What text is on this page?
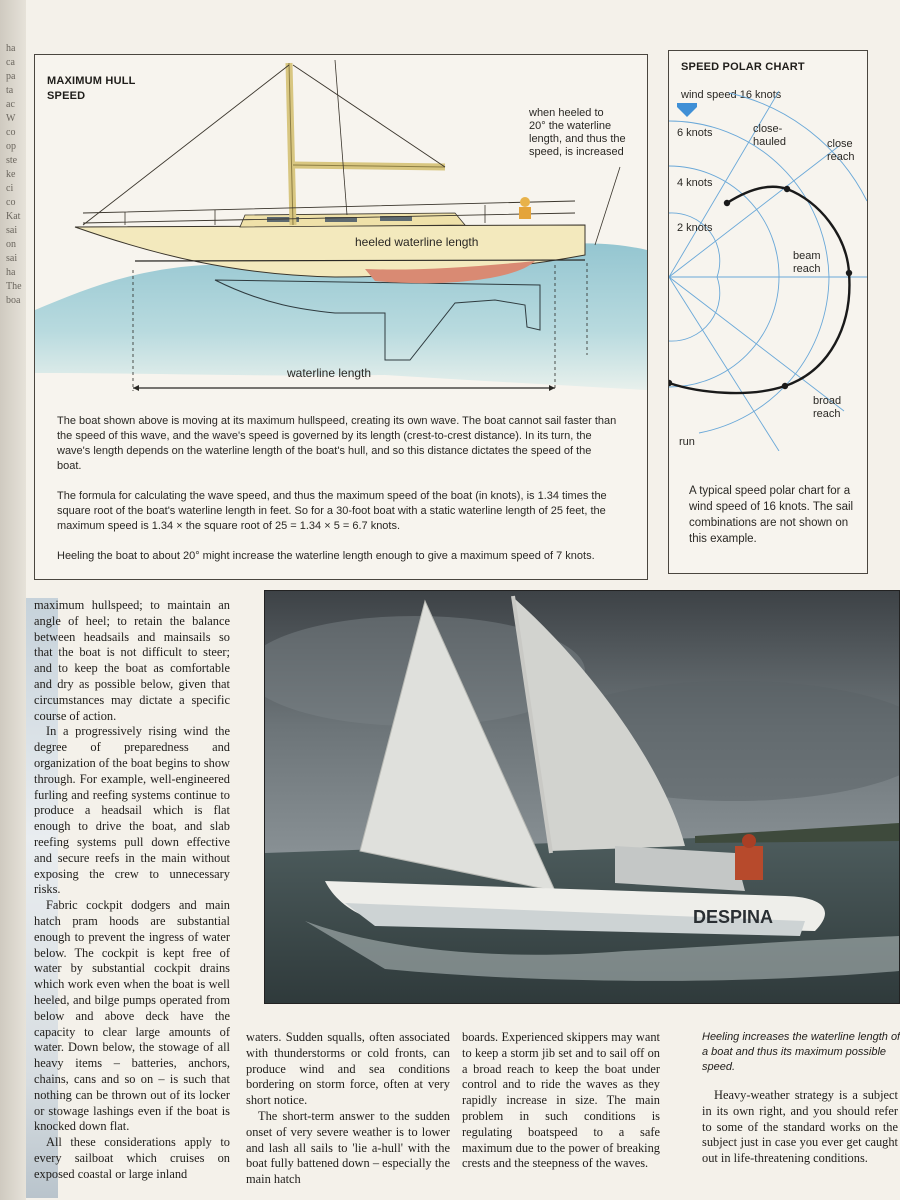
ha
ca
pa
ta
ac
W
co
op
ste
ke
ci
co
Kat
sai
on
sai
ha
The
boa
MAXIMUM HULL
SPEED
when heeled to
20° the waterline
length, and thus the
speed, is increased
heeled waterline length
waterline length
The boat shown above is moving at its maximum hullspeed, creating its own wave. The boat cannot sail faster than the speed of this wave, and the wave's speed is governed by its length (crest-to-crest distance). In its turn, the wave's length depends on the waterline length of the boat's hull, and so this distance dictates the speed of the boat.
The formula for calculating the wave speed, and thus the maximum speed of the boat (in knots), is 1.34 times the square root of the boat's waterline length in feet. So for a 30-foot boat with a static waterline length of 25 feet, the maximum speed is 1.34 × the square root of 25 = 1.34 × 5 = 6.7 knots.
Heeling the boat to about 20° might increase the waterline length enough to give a maximum speed of 7 knots.
SPEED POLAR CHART
wind speed 16 knots
6 knots
4 knots
2 knots
close-
hauled	close
reach
beam
reach
broad
reach
run
A typical speed polar chart for a wind speed of 16 knots. The sail combinations are not shown on this example.

maximum hullspeed; to maintain an angle of heel; to retain the balance between headsails and mainsails so that the boat is not difficult to steer; and to keep the boat as comfortable and dry as possible below, given that circumstances may dictate a specific course of action.

In a progressively rising wind the degree of preparedness and organization of the boat begins to show through. For example, well-engineered furling and reefing systems continue to produce a headsail which is flat enough to drive the boat, and slab reefing systems pull down effective and secure reefs in the main without exposing the crew to unnecessary risks.

Fabric cockpit dodgers and main hatch pram hoods are substantial enough to prevent the ingress of water below. The cockpit is kept free of water by substantial cockpit drains which work even when the boat is well heeled, and bilge pumps operated from below and above deck have the capacity to clear large amounts of water. Down below, the stowage of all heavy items – batteries, anchors, chains, cans and so on – is such that nothing can be thrown out of its locker or stowage lashings even if the boat is knocked down flat.

All these considerations apply to every sailboat which cruises on exposed coastal or large inland

DESPINA

waters. Sudden squalls, often associated with thunderstorms or cold fronts, can produce wind and sea conditions bordering on storm force, often at very short notice.

The short-term answer to the sudden onset of very severe weather is to lower and lash all sails to 'lie a-hull' with the boat fully battened down – especially the main hatch

boards. Experienced skippers may want to keep a storm jib set and to sail off on a broad reach to keep the boat under control and to ride the waves as they rapidly increase in size. The main problem in such conditions is regulating boatspeed to a safe maximum due to the power of breaking crests and the steepness of the waves.

Heeling increases the waterline length of a boat and thus its maximum possible speed.

Heavy-weather strategy is a subject in its own right, and you should refer to some of the standard works on the subject just in case you ever get caught out in life-threatening conditions.
